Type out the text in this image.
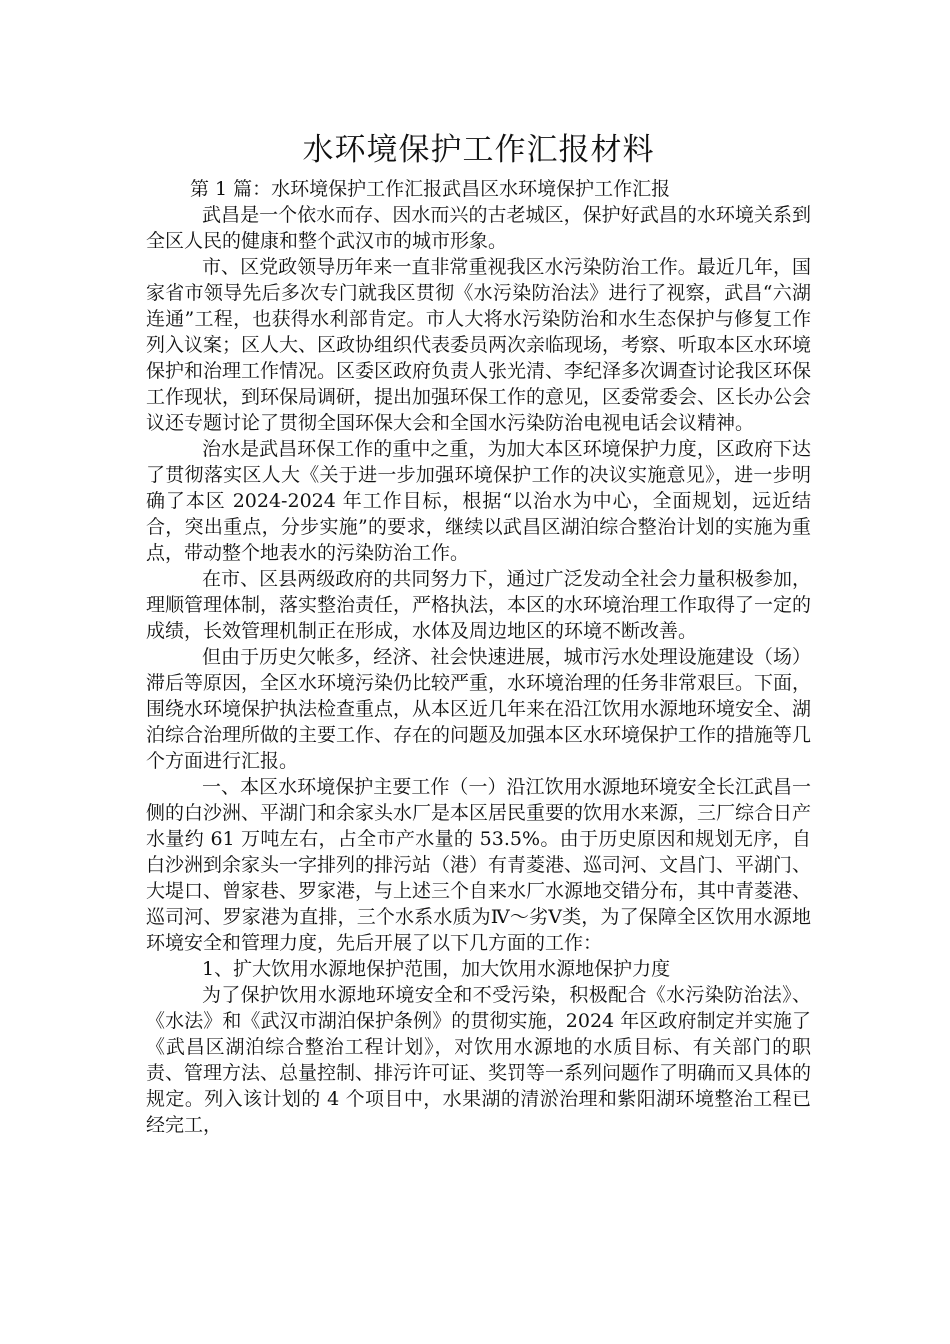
水环境保护工作汇报材料

第 1 篇：水环境保护工作汇报武昌区水环境保护工作汇报

武昌是一个依水而存、因水而兴的古老城区，保护好武昌的水环境关系到全区人民的健康和整个武汉市的城市形象。

市、区党政领导历年来一直非常重视我区水污染防治工作。最近几年，国家省市领导先后多次专门就我区贯彻《水污染防治法》进行了视察，武昌“六湖连通”工程，也获得水利部肯定。市人大将水污染防治和水生态保护与修复工作列入议案；区人大、区政协组织代表委员两次亲临现场，考察、听取本区水环境保护和治理工作情况。区委区政府负责人张光清、李纪泽多次调查讨论我区环保工作现状，到环保局调研，提出加强环保工作的意见，区委常委会、区长办公会议还专题讨论了贯彻全国环保大会和全国水污染防治电视电话会议精神。

治水是武昌环保工作的重中之重，为加大本区环境保护力度，区政府下达了贯彻落实区人大《关于进一步加强环境保护工作的决议实施意见》，进一步明确了本区 2024-2024 年工作目标，根据“以治水为中心，全面规划，远近结合，突出重点，分步实施”的要求，继续以武昌区湖泊综合整治计划的实施为重点，带动整个地表水的污染防治工作。

在市、区县两级政府的共同努力下，通过广泛发动全社会力量积极参加，理顺管理体制，落实整治责任，严格执法，本区的水环境治理工作取得了一定的成绩，长效管理机制正在形成，水体及周边地区的环境不断改善。

但由于历史欠帐多，经济、社会快速进展，城市污水处理设施建设（场）滞后等原因，全区水环境污染仍比较严重，水环境治理的任务非常艰巨。下面，围绕水环境保护执法检查重点，从本区近几年来在沿江饮用水源地环境安全、湖泊综合治理所做的主要工作、存在的问题及加强本区水环境保护工作的措施等几个方面进行汇报。

一、本区水环境保护主要工作（一）沿江饮用水源地环境安全长江武昌一侧的白沙洲、平湖门和余家头水厂是本区居民重要的饮用水来源，三厂综合日产水量约 61 万吨左右，占全市产水量的 53.5%。由于历史原因和规划无序，自白沙洲到余家头一字排列的排污站（港）有青菱港、巡司河、文昌门、平湖门、大堤口、曾家巷、罗家港，与上述三个自来水厂水源地交错分布，其中青菱港、巡司河、罗家港为直排，三个水系水质为Ⅳ～劣Ⅴ类，为了保障全区饮用水源地环境安全和管理力度，先后开展了以下几方面的工作：

1、扩大饮用水源地保护范围，加大饮用水源地保护力度

为了保护饮用水源地环境安全和不受污染，积极配合《水污染防治法》、《水法》和《武汉市湖泊保护条例》的贯彻实施，2024 年区政府制定并实施了《武昌区湖泊综合整治工程计划》，对饮用水源地的水质目标、有关部门的职责、管理方法、总量控制、排污许可证、奖罚等一系列问题作了明确而又具体的规定。列入该计划的 4 个项目中，水果湖的清淤治理和紫阳湖环境整治工程已经完工，
